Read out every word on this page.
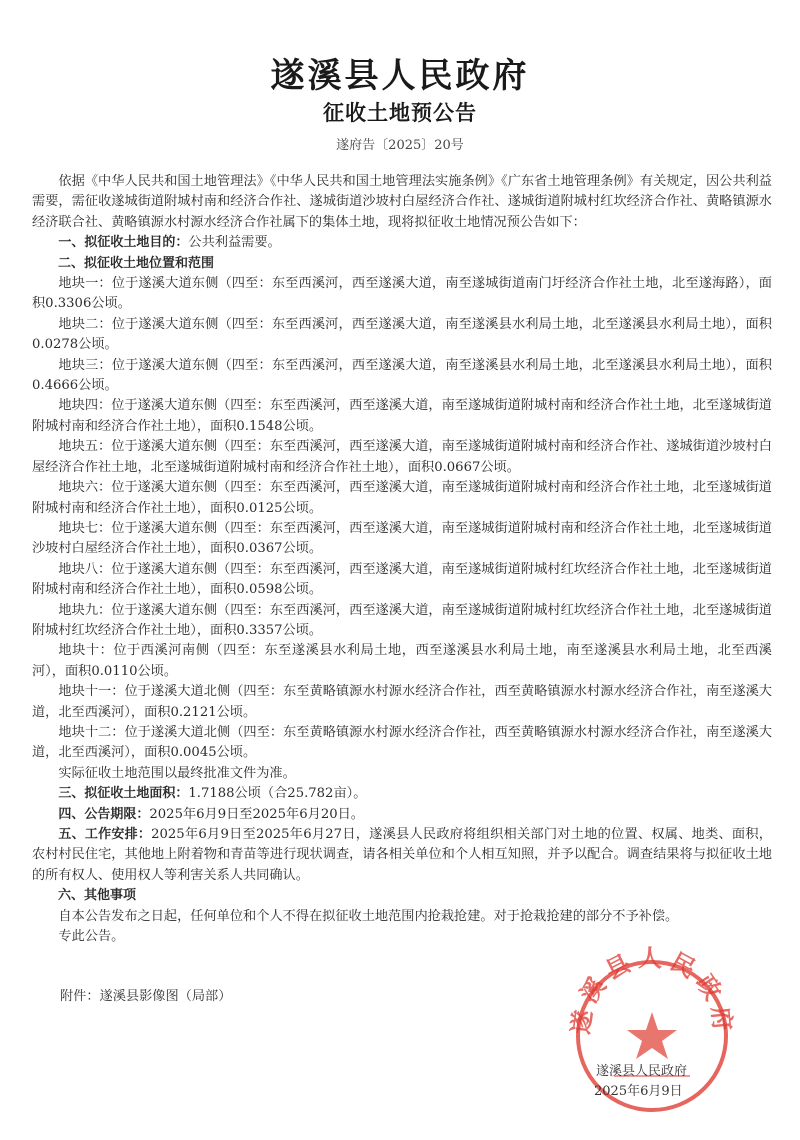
遂溪县人民政府
征收土地预公告
遂府告〔2025〕20号

依据《中华人民共和国土地管理法》《中华人民共和国土地管理法实施条例》《广东省土地管理条例》有关规定，因公共利益需要，需征收遂城街道附城村南和经济合作社、遂城街道沙坡村白屋经济合作社、遂城街道附城村红坎经济合作社、黄略镇源水经济联合社、黄略镇源水村源水经济合作社属下的集体土地，现将拟征收土地情况预公告如下：

一、拟征收土地目的：公共利益需要。

二、拟征收土地位置和范围

地块一：位于遂溪大道东侧（四至：东至西溪河，西至遂溪大道，南至遂城街道南门圩经济合作社土地，北至遂海路），面积0.3306公顷。

地块二：位于遂溪大道东侧（四至：东至西溪河，西至遂溪大道，南至遂溪县水利局土地，北至遂溪县水利局土地），面积0.0278公顷。

地块三：位于遂溪大道东侧（四至：东至西溪河，西至遂溪大道，南至遂溪县水利局土地，北至遂溪县水利局土地），面积0.4666公顷。

地块四：位于遂溪大道东侧（四至：东至西溪河，西至遂溪大道，南至遂城街道附城村南和经济合作社土地，北至遂城街道附城村南和经济合作社土地），面积0.1548公顷。

地块五：位于遂溪大道东侧（四至：东至西溪河，西至遂溪大道，南至遂城街道附城村南和经济合作社、遂城街道沙坡村白屋经济合作社土地，北至遂城街道附城村南和经济合作社土地），面积0.0667公顷。

地块六：位于遂溪大道东侧（四至：东至西溪河，西至遂溪大道，南至遂城街道附城村南和经济合作社土地，北至遂城街道附城村南和经济合作社土地），面积0.0125公顷。

地块七：位于遂溪大道东侧（四至：东至西溪河，西至遂溪大道，南至遂城街道附城村南和经济合作社土地，北至遂城街道沙坡村白屋经济合作社土地），面积0.0367公顷。

地块八：位于遂溪大道东侧（四至：东至西溪河，西至遂溪大道，南至遂城街道附城村红坎经济合作社土地，北至遂城街道附城村南和经济合作社土地），面积0.0598公顷。

地块九：位于遂溪大道东侧（四至：东至西溪河，西至遂溪大道，南至遂城街道附城村红坎经济合作社土地，北至遂城街道附城村红坎经济合作社土地），面积0.3357公顷。

地块十：位于西溪河南侧（四至：东至遂溪县水利局土地，西至遂溪县水利局土地，南至遂溪县水利局土地，北至西溪河），面积0.0110公顷。

地块十一：位于遂溪大道北侧（四至：东至黄略镇源水村源水经济合作社，西至黄略镇源水村源水经济合作社，南至遂溪大道，北至西溪河），面积0.2121公顷。

地块十二：位于遂溪大道北侧（四至：东至黄略镇源水村源水经济合作社，西至黄略镇源水村源水经济合作社，南至遂溪大道，北至西溪河），面积0.0045公顷。

实际征收土地范围以最终批准文件为准。

三、拟征收土地面积：1.7188公顷（合25.782亩）。

四、公告期限：2025年6月9日至2025年6月20日。

五、工作安排：2025年6月9日至2025年6月27日，遂溪县人民政府将组织相关部门对土地的位置、权属、地类、面积，农村村民住宅，其他地上附着物和青苗等进行现状调查，请各相关单位和个人相互知照，并予以配合。调查结果将与拟征收土地的所有权人、使用权人等利害关系人共同确认。

六、其他事项

自本公告发布之日起，任何单位和个人不得在拟征收土地范围内抢栽抢建。对于抢栽抢建的部分不予补偿。

专此公告。

附件：遂溪县影像图（局部）
遂溪县人民政府
遂溪县人民政府
2025年6月9日
